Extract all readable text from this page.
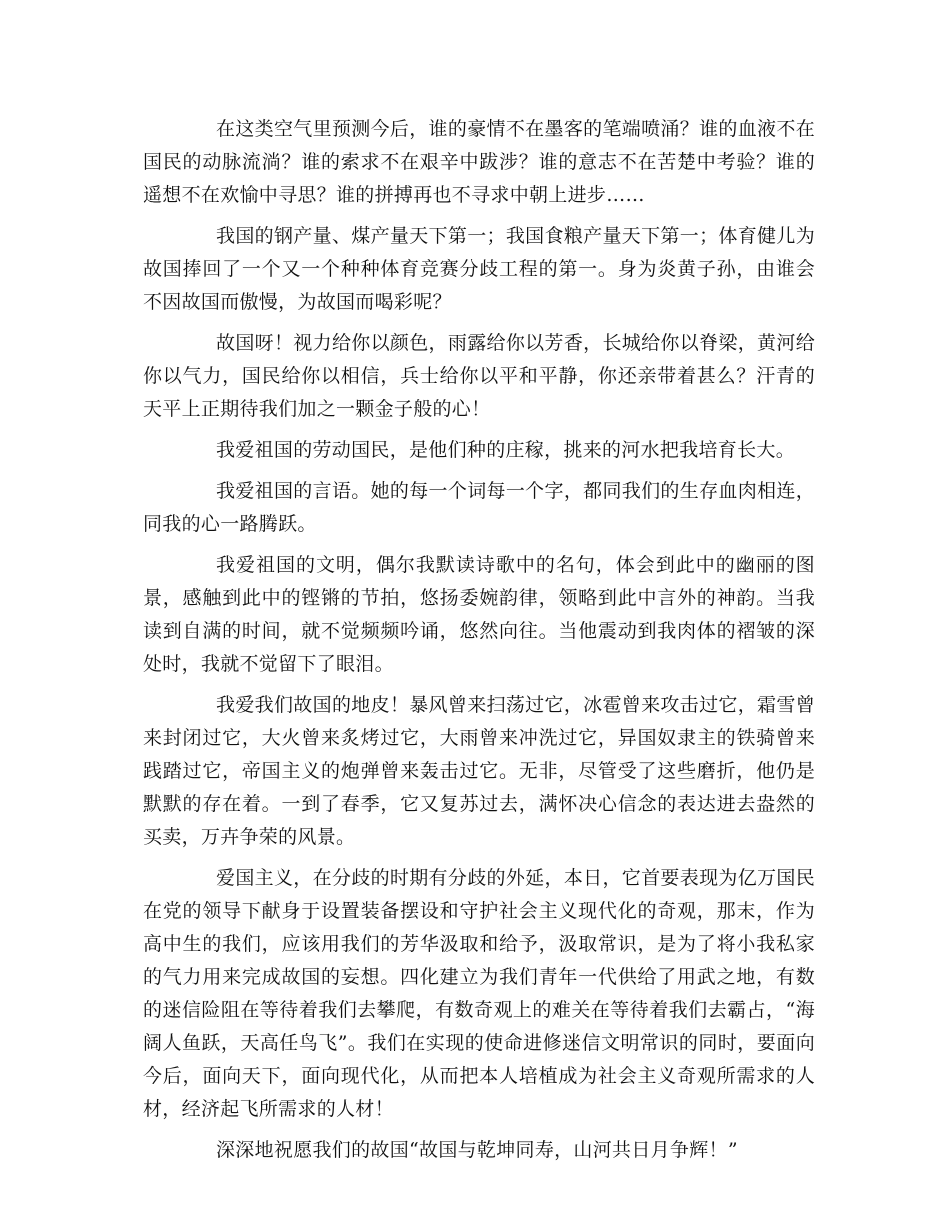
在这类空气里预测今后，谁的豪情不在墨客的笔端喷涌？谁的血液不在国民的动脉流淌？谁的索求不在艰辛中跋涉？谁的意志不在苦楚中考验？谁的遥想不在欢愉中寻思？谁的拼搏再也不寻求中朝上进步……

我国的钢产量、煤产量天下第一；我国食粮产量天下第一；体育健儿为故国捧回了一个又一个种种体育竞赛分歧工程的第一。身为炎黄子孙，由谁会不因故国而傲慢，为故国而喝彩呢？

故国呀！视力给你以颜色，雨露给你以芳香，长城给你以脊梁，黄河给你以气力，国民给你以相信，兵士给你以平和平静，你还亲带着甚么？汗青的天平上正期待我们加之一颗金子般的心！

我爱祖国的劳动国民，是他们种的庄稼，挑来的河水把我培育长大。

我爱祖国的言语。她的每一个词每一个字，都同我们的生存血肉相连，同我的心一路腾跃。

我爱祖国的文明，偶尔我默读诗歌中的名句，体会到此中的幽丽的图景，感触到此中的铿锵的节拍，悠扬委婉韵律，领略到此中言外的神韵。当我读到自满的时间，就不觉频频吟诵，悠然向往。当他震动到我肉体的褶皱的深处时，我就不觉留下了眼泪。

我爱我们故国的地皮！暴风曾来扫荡过它，冰雹曾来攻击过它，霜雪曾来封闭过它，大火曾来炙烤过它，大雨曾来冲洗过它，异国奴隶主的铁骑曾来践踏过它，帝国主义的炮弹曾来轰击过它。无非，尽管受了这些磨折，他仍是默默的存在着。一到了春季，它又复苏过去，满怀决心信念的表达进去盎然的买卖，万卉争荣的风景。

爱国主义，在分歧的时期有分歧的外延，本日，它首要表现为亿万国民在党的领导下献身于设置装备摆设和守护社会主义现代化的奇观，那末，作为高中生的我们，应该用我们的芳华汲取和给予，汲取常识，是为了将小我私家的气力用来完成故国的妄想。四化建立为我们青年一代供给了用武之地，有数的迷信险阻在等待着我们去攀爬，有数奇观上的难关在等待着我们去霸占，“海阔人鱼跃，天高任鸟飞”。我们在实现的使命进修迷信文明常识的同时，要面向今后，面向天下，面向现代化，从而把本人培植成为社会主义奇观所需求的人材，经济起飞所需求的人材！

深深地祝愿我们的故国“故国与乾坤同寿，山河共日月争辉！”
